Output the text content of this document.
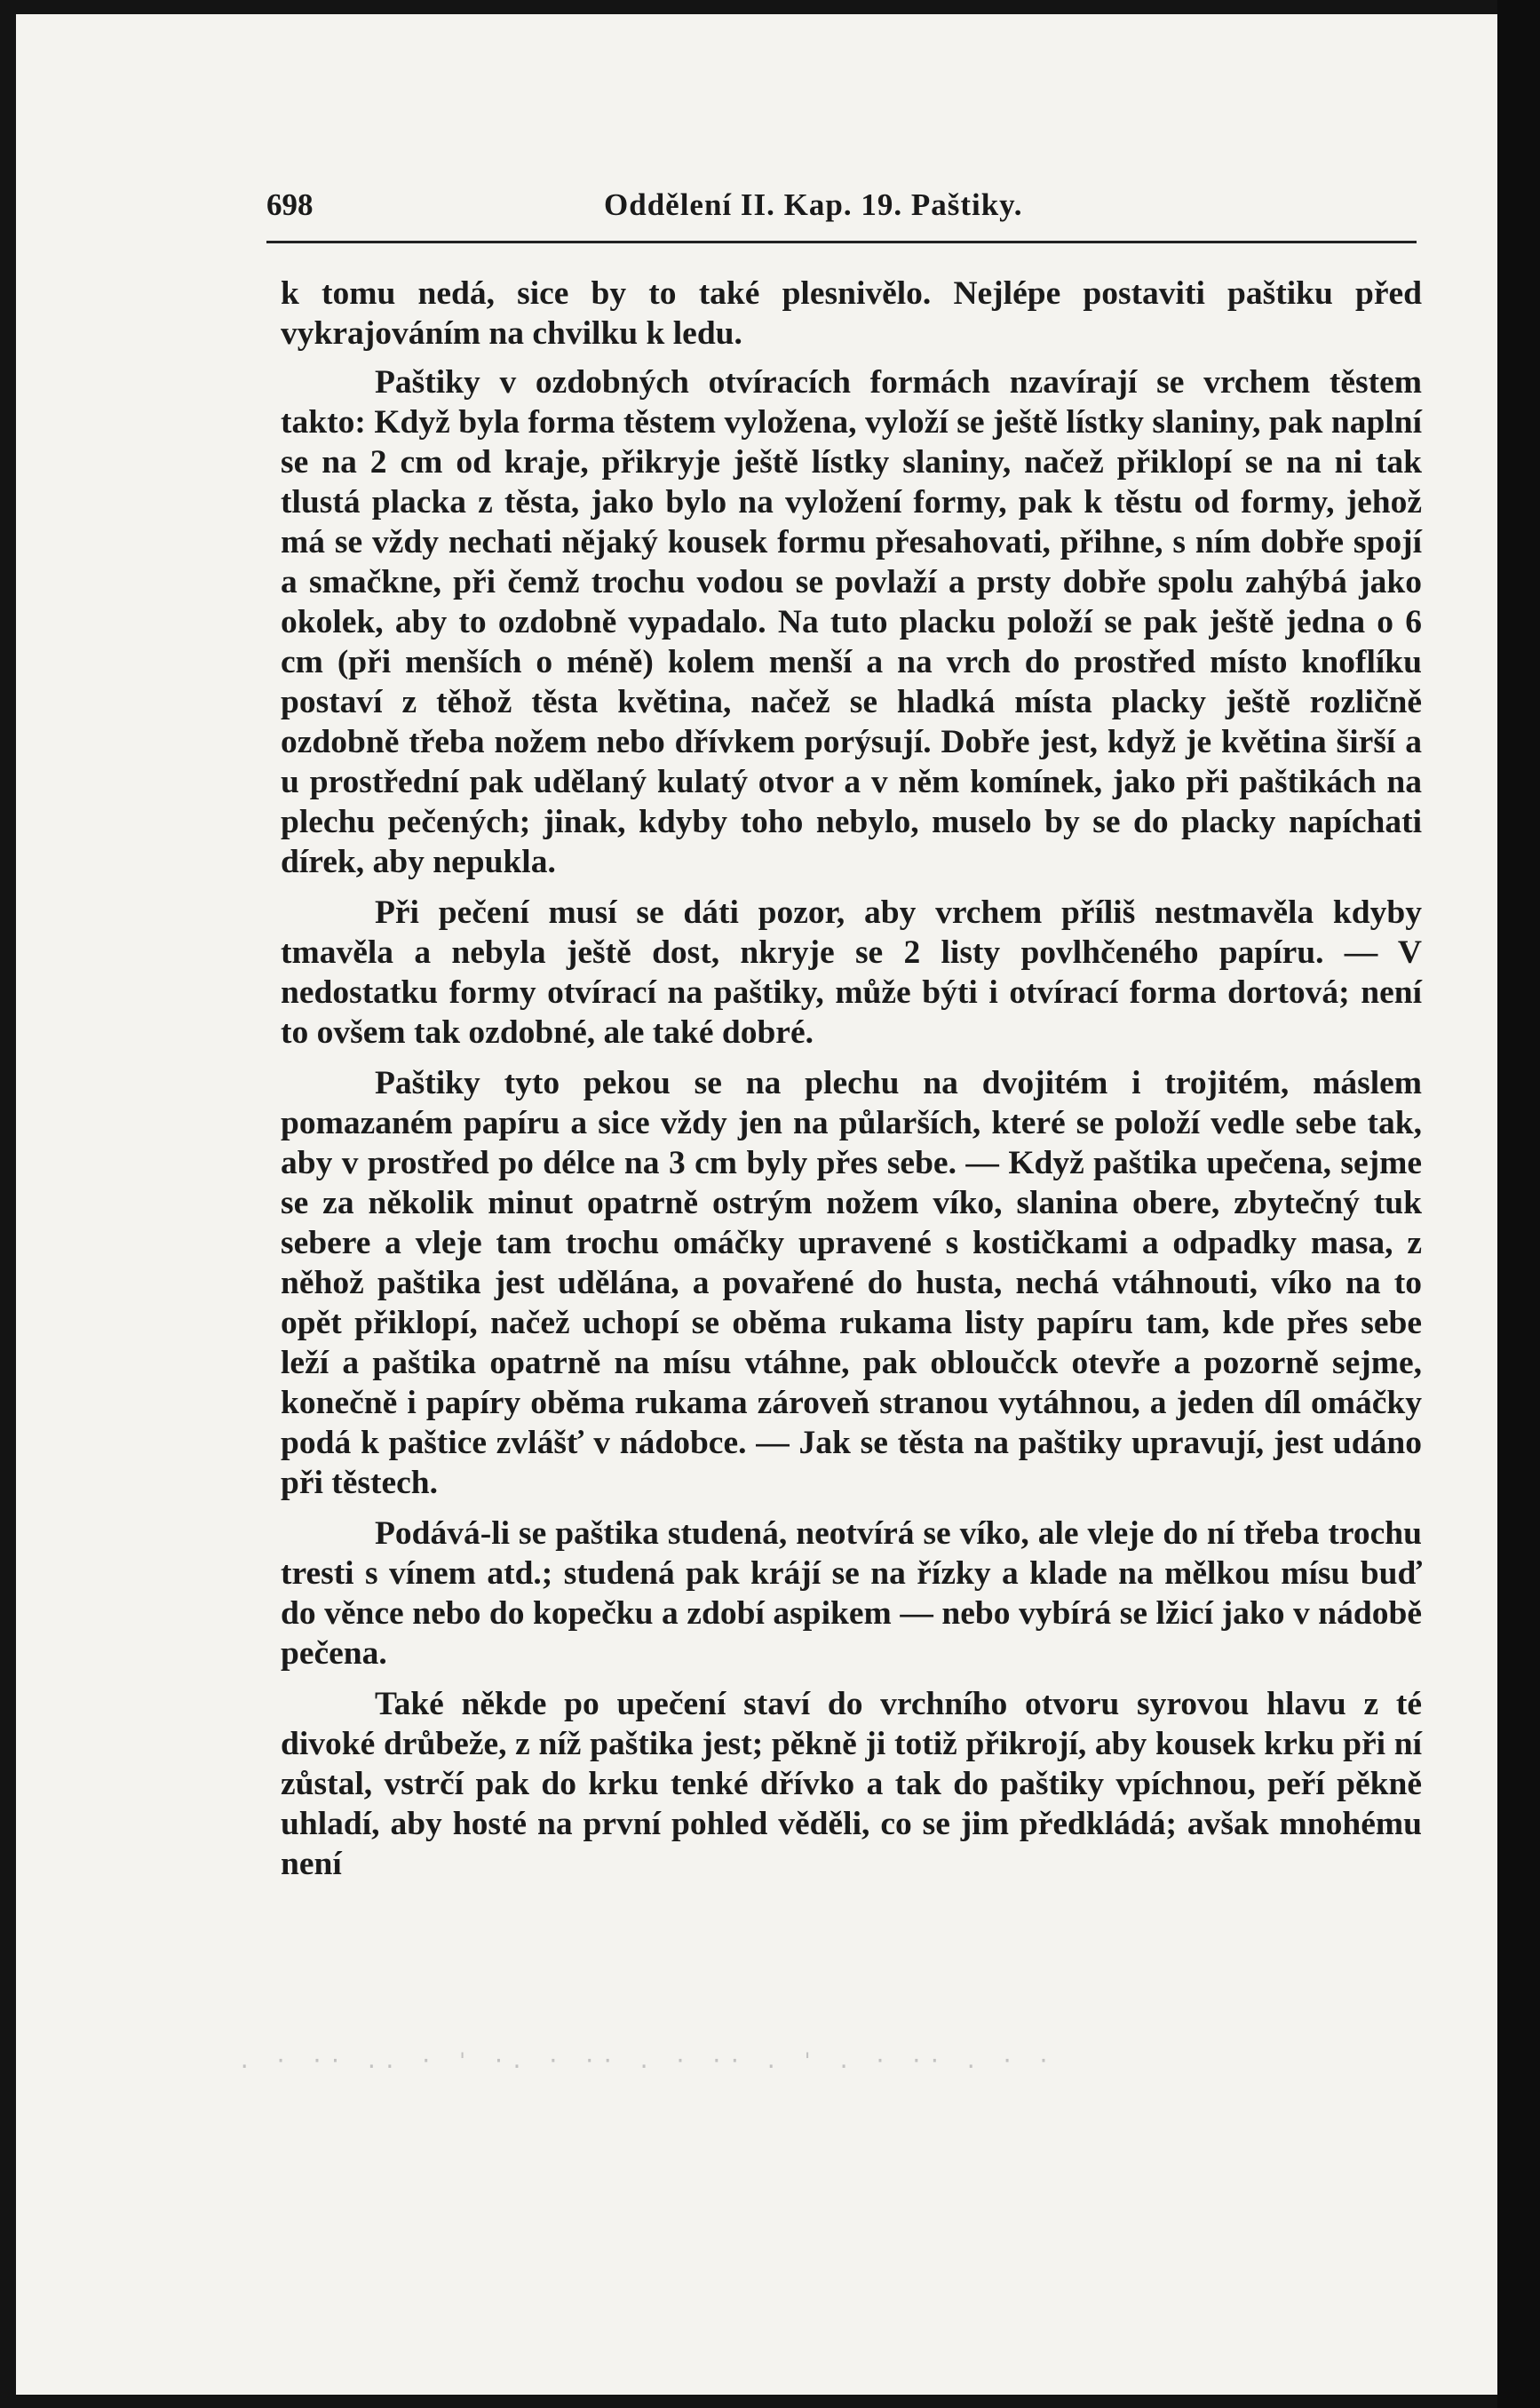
698	Oddělení II. Kap. 19. Paštiky.

k tomu nedá, sice by to také plesnivělo. Nejlépe postaviti paštiku před vykrajováním na chvilku k ledu.

Paštiky v ozdobných otvíracích formách nzavírají se vrchem těstem takto: Když byla forma těstem vyložena, vyloží se ještě lístky slaniny, pak naplní se na 2 cm od kraje, přikryje ještě lístky slaniny, načež přiklopí se na ni tak tlustá placka z těsta, jako bylo na vyložení formy, pak k těstu od formy, jehož má se vždy nechati nějaký kousek formu přesahovati, přihne, s ním dobře spojí a smačkne, při čemž trochu vodou se povlaží a prsty dobře spolu zahýbá jako okolek, aby to ozdobně vypadalo. Na tuto placku položí se pak ještě jedna o 6 cm (při menších o méně) kolem menší a na vrch do prostřed místo knoflíku postaví z těhož těsta květina, načež se hladká místa placky ještě rozličně ozdobně třeba nožem nebo dřívkem porýsují. Dobře jest, když je květina širší a u prostřední pak udělaný kulatý otvor a v něm komínek, jako při paštikách na plechu pečených; jinak, kdyby toho nebylo, muselo by se do placky napíchati dírek, aby nepukla.

Při pečení musí se dáti pozor, aby vrchem příliš nestmavěla kdyby tmavěla a nebyla ještě dost, nkryje se 2 listy povlhčeného papíru. — V nedostatku formy otvírací na paštiky, může býti i otvírací forma dortová; není to ovšem tak ozdobné, ale také dobré.

Paštiky tyto pekou se na plechu na dvojitém i trojitém, máslem pomazaném papíru a sice vždy jen na půlarších, které se položí vedle sebe tak, aby v prostřed po délce na 3 cm byly přes sebe. — Když paštika upečena, sejme se za několik minut opatrně ostrým nožem víko, slanina obere, zbytečný tuk sebere a vleje tam trochu omáčky upravené s kostičkami a odpadky masa, z něhož paštika jest udělána, a povařené do husta, nechá vtáhnouti, víko na to opět přiklopí, načež uchopí se oběma rukama listy papíru tam, kde přes sebe leží a paštika opatrně na mísu vtáhne, pak obloučck otevře a pozorně sejme, konečně i papíry oběma rukama zároveň stranou vytáhnou, a jeden díl omáčky podá k paštice zvlášť v nádobce. — Jak se těsta na paštiky upravují, jest udáno při těstech.

Podává-li se paštika studená, neotvírá se víko, ale vleje do ní třeba trochu tresti s vínem atd.; studená pak krájí se na řízky a klade na mělkou mísu buď do věnce nebo do kopečku a zdobí aspikem — nebo vybírá se lžicí jako v nádobě pečena.

Také někde po upečení staví do vrchního otvoru syrovou hlavu z té divoké drůbeže, z níž paštika jest; pěkně ji totiž přikrojí, aby kousek krku při ní zůstal, vstrčí pak do krku tenké dřívko a tak do paštiky vpíchnou, peří pěkně uhladí, aby hosté na první pohled věděli, co se jim předkládá; avšak mnohému není

. · ·· .. · ' ·. · ·· . · ·· . ' . · ·· . · ·
